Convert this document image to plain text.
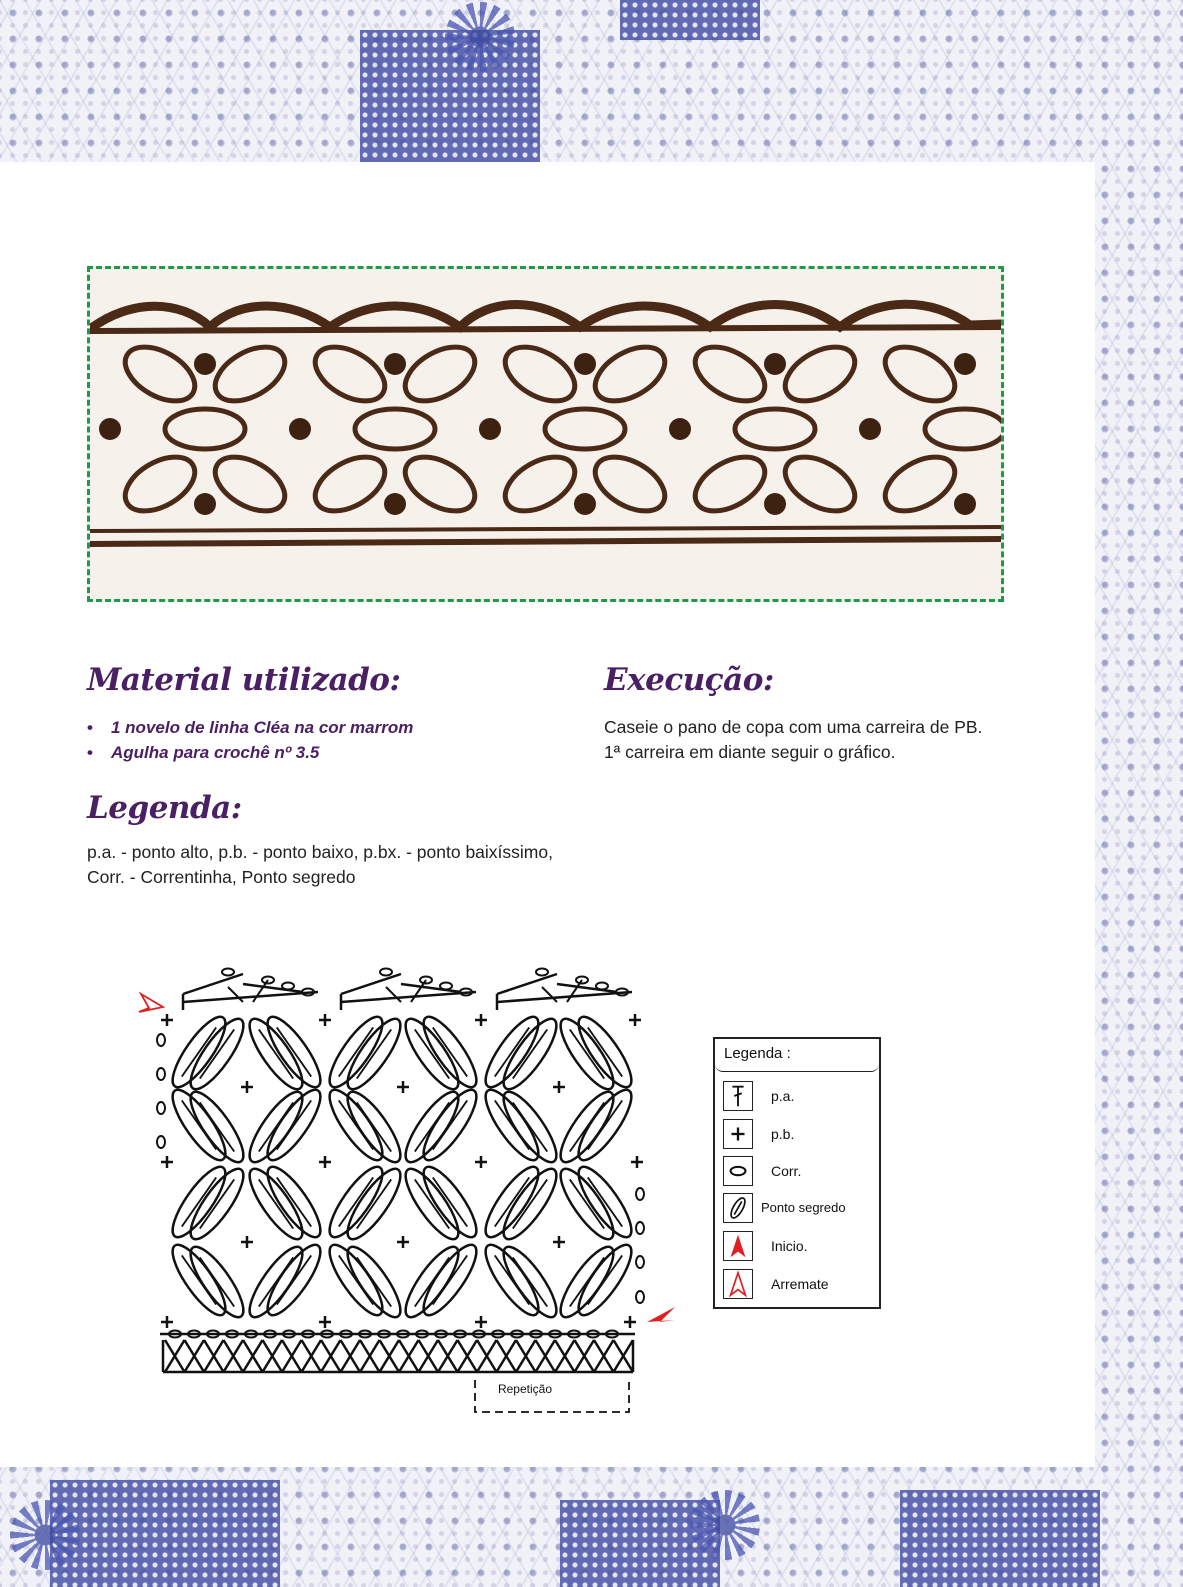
Material utilizado:
• 1 novelo de linha Cléa na cor marrom
• Agulha para crochê nº 3.5
Execução:
Caseie o pano de copa com uma carreira de PB.
1ª carreira em diante seguir o gráfico.
Legenda:
p.a. - ponto alto, p.b. - ponto baixo, p.bx. - ponto baixíssimo,
Corr. - Correntinha, Ponto segredo
Repetição
Legenda :
p.a.
p.b.
Corr.
Ponto segredo
Inicio.
Arremate
